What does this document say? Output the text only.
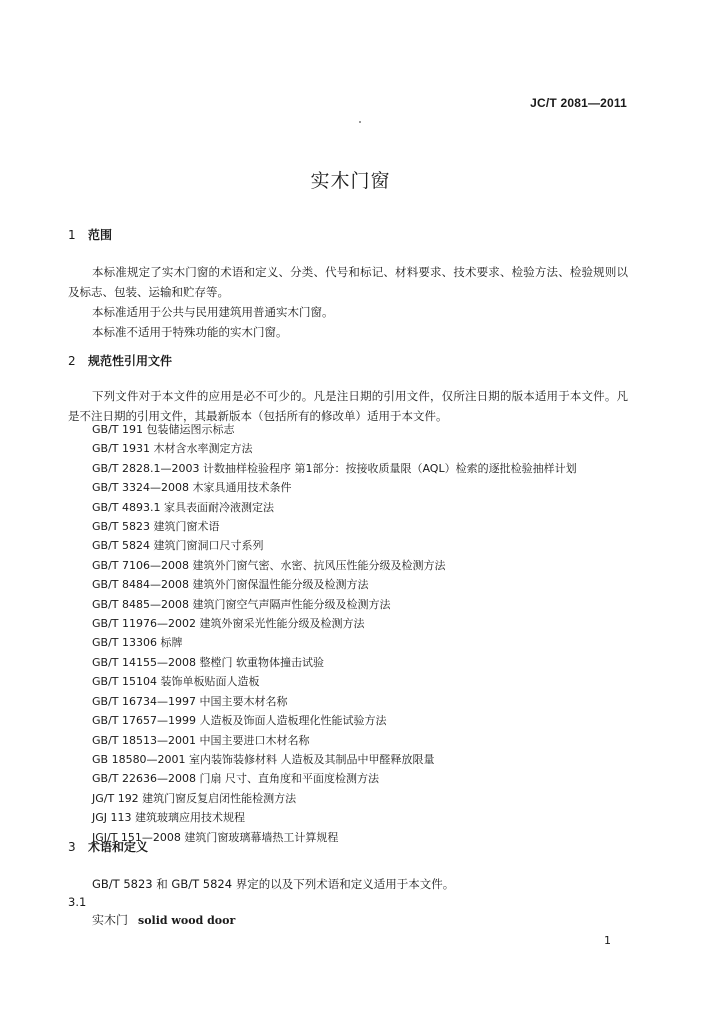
JC/T 2081—2011
实木门窗
1 范围

本标准规定了实木门窗的术语和定义、分类、代号和标记、材料要求、技术要求、检验方法、检验规则以及标志、包装、运输和贮存等。

本标准适用于公共与民用建筑用普通实木门窗。

本标准不适用于特殊功能的实木门窗。

2 规范性引用文件

下列文件对于本文件的应用是必不可少的。凡是注日期的引用文件，仅所注日期的版本适用于本文件。凡是不注日期的引用文件，其最新版本（包括所有的修改单）适用于本文件。

GB/T 191 包装储运图示标志
GB/T 1931 木材含水率测定方法
GB/T 2828.1—2003 计数抽样检验程序 第1部分：按接收质量限（AQL）检索的逐批检验抽样计划
GB/T 3324—2008 木家具通用技术条件
GB/T 4893.1 家具表面耐冷液测定法
GB/T 5823 建筑门窗术语
GB/T 5824 建筑门窗洞口尺寸系列
GB/T 7106—2008 建筑外门窗气密、水密、抗风压性能分级及检测方法
GB/T 8484—2008 建筑外门窗保温性能分级及检测方法
GB/T 8485—2008 建筑门窗空气声隔声性能分级及检测方法
GB/T 11976—2002 建筑外窗采光性能分级及检测方法
GB/T 13306 标牌
GB/T 14155—2008 整樘门 软重物体撞击试验
GB/T 15104 装饰单板贴面人造板
GB/T 16734—1997 中国主要木材名称
GB/T 17657—1999 人造板及饰面人造板理化性能试验方法
GB/T 18513—2001 中国主要进口木材名称
GB 18580—2001 室内装饰装修材料 人造板及其制品中甲醛释放限量
GB/T 22636—2008 门扇 尺寸、直角度和平面度检测方法
JG/T 192 建筑门窗反复启闭性能检测方法
JGJ 113 建筑玻璃应用技术规程
JGJ/T 151—2008 建筑门窗玻璃幕墙热工计算规程
3 术语和定义

GB/T 5823 和 GB/T 5824 界定的以及下列术语和定义适用于本文件。

3.1
实木门 solid wood door
1
